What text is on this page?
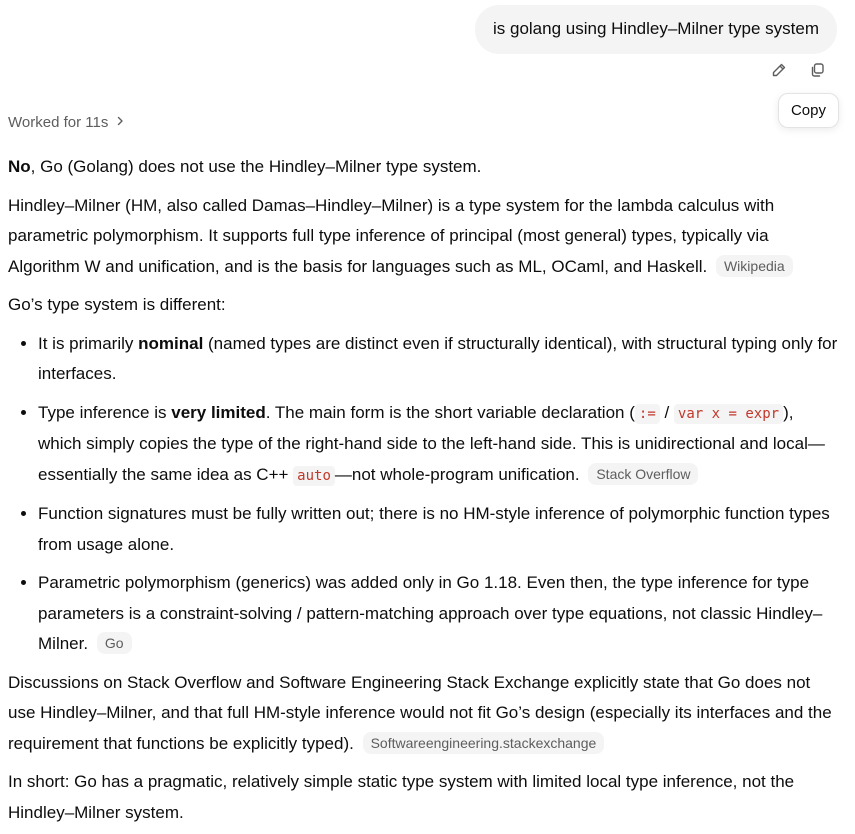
is golang using Hindley–Milner type system
Copy
Worked for 11s

No, Go (Golang) does not use the Hindley–Milner type system.

Hindley–Milner (HM, also called Damas–Hindley–Milner) is a type system for the lambda calculus with parametric polymorphism. It supports full type inference of principal (most general) types, typically via Algorithm W and unification, and is the basis for languages such as ML, OCaml, and Haskell. Wikipedia

Go’s type system is different:

• It is primarily nominal (named types are distinct even if structurally identical), with structural typing only for interfaces.
• Type inference is very limited. The main form is the short variable declaration ( := / var x = expr ), which simply copies the type of the right-hand side to the left-hand side. This is unidirectional and local—essentially the same idea as C++ auto —not whole-program unification. Stack Overflow
• Function signatures must be fully written out; there is no HM-style inference of polymorphic function types from usage alone.
• Parametric polymorphism (generics) was added only in Go 1.18. Even then, the type inference for type parameters is a constraint-solving / pattern-matching approach over type equations, not classic Hindley–Milner. Go

Discussions on Stack Overflow and Software Engineering Stack Exchange explicitly state that Go does not use Hindley–Milner, and that full HM-style inference would not fit Go’s design (especially its interfaces and the requirement that functions be explicitly typed). Softwareengineering.stackexchange

In short: Go has a pragmatic, relatively simple static type system with limited local type inference, not the Hindley–Milner system.
